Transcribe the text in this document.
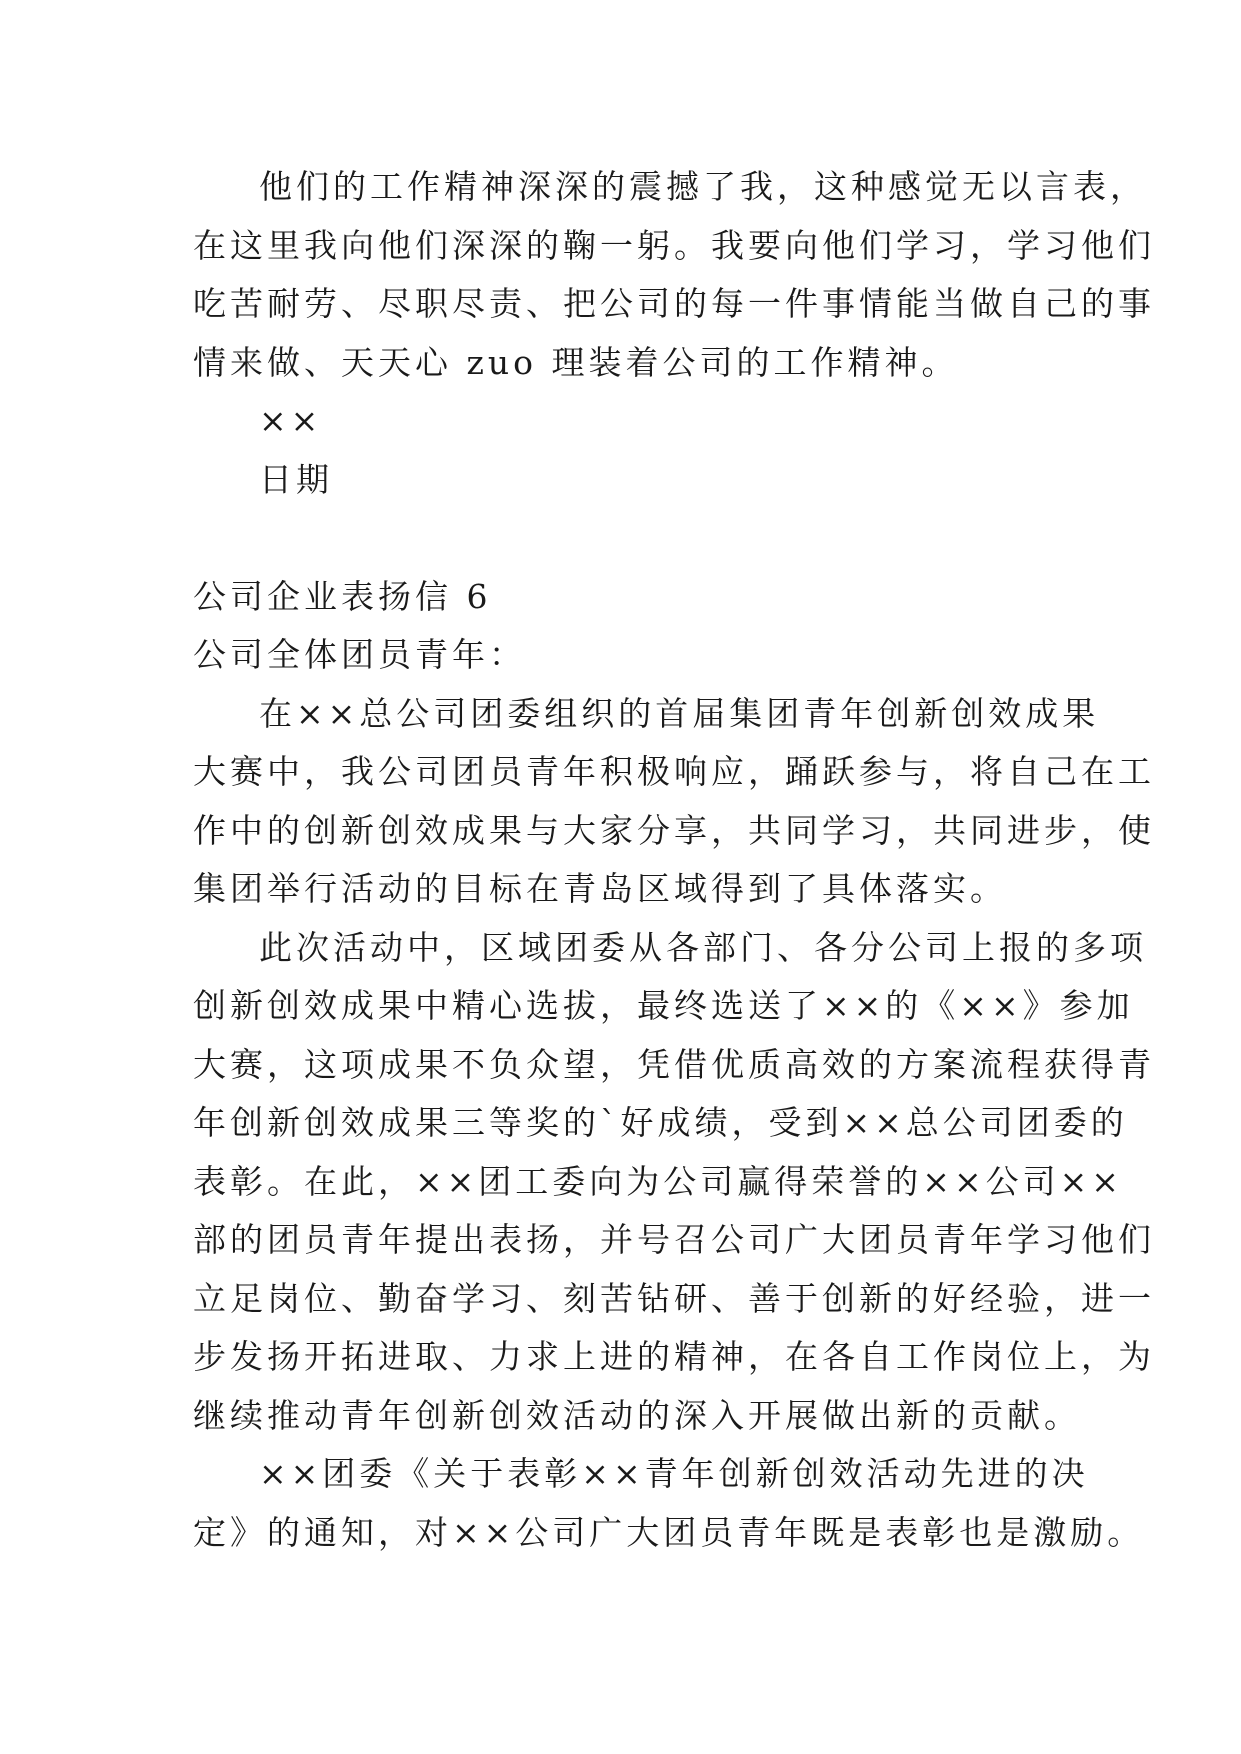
他们的工作精神深深的震撼了我，这种感觉无以言表，
在这里我向他们深深的鞠一躬。我要向他们学习，学习他们
吃苦耐劳、尽职尽责、把公司的每一件事情能当做自己的事
情来做、天天心 zuo 理装着公司的工作精神。
××
日期
公司企业表扬信 6
公司全体团员青年：
在××总公司团委组织的首届集团青年创新创效成果
大赛中，我公司团员青年积极响应，踊跃参与，将自己在工
作中的创新创效成果与大家分享，共同学习，共同进步，使
集团举行活动的目标在青岛区域得到了具体落实。
此次活动中，区域团委从各部门、各分公司上报的多项
创新创效成果中精心选拔，最终选送了××的《××》参加
大赛，这项成果不负众望，凭借优质高效的方案流程获得青
年创新创效成果三等奖的`好成绩，受到××总公司团委的
表彰。在此，××团工委向为公司赢得荣誉的××公司××
部的团员青年提出表扬，并号召公司广大团员青年学习他们
立足岗位、勤奋学习、刻苦钻研、善于创新的好经验，进一
步发扬开拓进取、力求上进的精神，在各自工作岗位上，为
继续推动青年创新创效活动的深入开展做出新的贡献。
××团委《关于表彰××青年创新创效活动先进的决
定》的通知，对××公司广大团员青年既是表彰也是激励。
